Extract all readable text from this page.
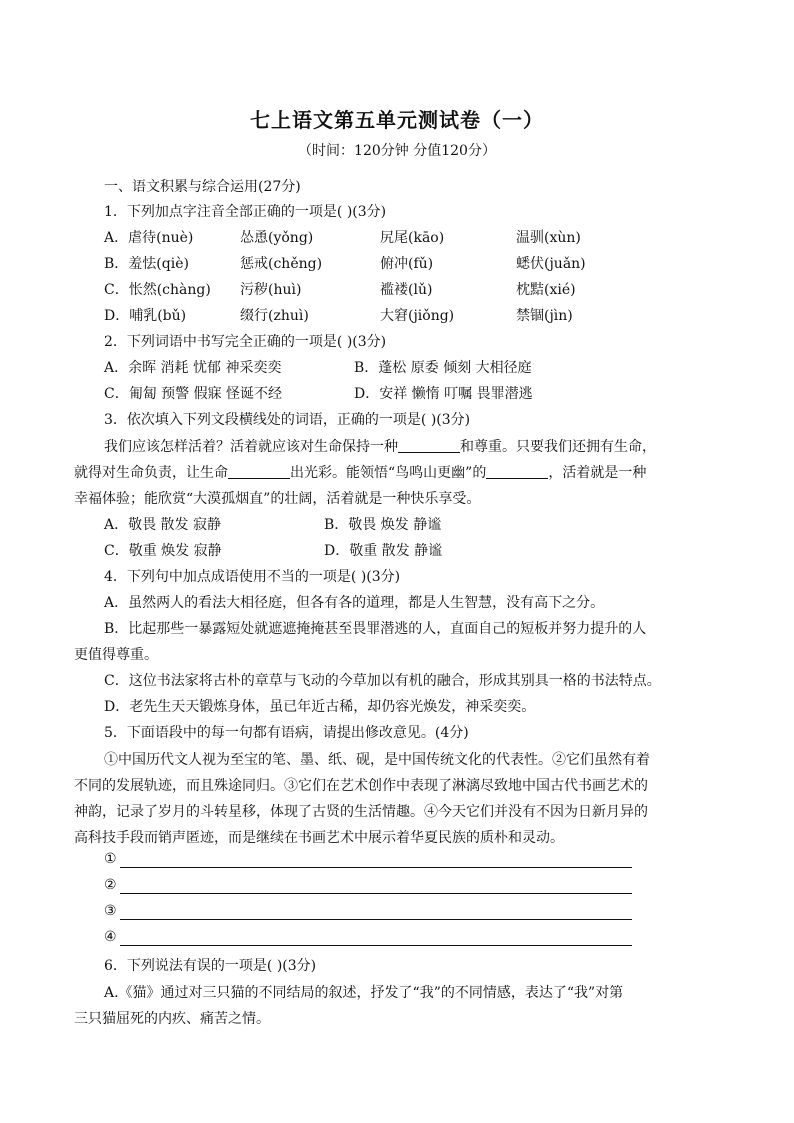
七上语文第五单元测试卷（一）
（时间：120分钟 分值120分）
一、语文积累与综合运用(27分)
1．下列加点字注音全部正确的一项是( )(3分)
A．虐待(nuè)	怂恿(yǒng)	尻尾(kāo)	温驯(xùn)
B．羞怯(qiè)	惩戒(chěng)	俯冲(fǔ)	蟋伏(juǎn)
C．怅然(chàng) 污秽(huì)	褴褛(lǔ)	枕黠(xié)
D．哺乳(bǔ)	缀行(zhuì)	大窘(jiǒng)	禁锢(jìn)
2．下列词语中书写完全正确的一项是( )(3分)
A．余晖 消耗 忧郁 神采奕奕	B．蓬松 原委 倾刻 大相径庭
C．匍匐 预警 假寐 怪诞不经	D．安祥 懒惰 叮嘱 畏罪潜逃
3．依次填入下列文段横线处的词语，正确的一项是( )(3分)
我们应该怎样活着？活着就应该对生命保持一种	和尊重。只要我们还拥有生命，
就得对生命负责，让生命	出光彩。能领悟“鸟鸣山更幽”的	，活着就是一种
幸福体验；能欣赏“大漠孤烟直”的壮阔，活着就是一种快乐享受。
A．敬畏 散发 寂静	B．敬畏 焕发 静谧
C．敬重 焕发 寂静	D．敬重 散发 静谧
4．下列句中加点成语使用不当的一项是( )(3分)
A．虽然两人的看法大相径庭，但各有各的道理，都是人生智慧，没有高下之分。
B．比起那些一暴露短处就遮遮掩掩甚至畏罪潜逃的人，直面自己的短板并努力提升的人
更值得尊重。
C．这位书法家将古朴的章草与飞动的今草加以有机的融合，形成其别具一格的书法特点。
D．老先生天天锻炼身体，虽已年近古稀，却仍容光焕发，神采奕奕。
5．下面语段中的每一句都有语病，请提出修改意见。(4分)
①中国历代文人视为至宝的笔、墨、纸、砚，是中国传统文化的代表性。②它们虽然有着
不同的发展轨迹，而且殊途同归。③它们在艺术创作中表现了淋漓尽致地中国古代书画艺术的
神韵，记录了岁月的斗转星移，体现了古贤的生活情趣。④今天它们并没有不因为日新月异的
高科技手段而销声匿迹，而是继续在书画艺术中展示着华夏民族的质朴和灵动。
①
②
③
④
6．下列说法有误的一项是( )(3分)
A.《猫》通过对三只猫的不同结局的叙述，抒发了“我”的不同情感，表达了“我”对第
三只猫屈死的内疚、痛苦之情。
